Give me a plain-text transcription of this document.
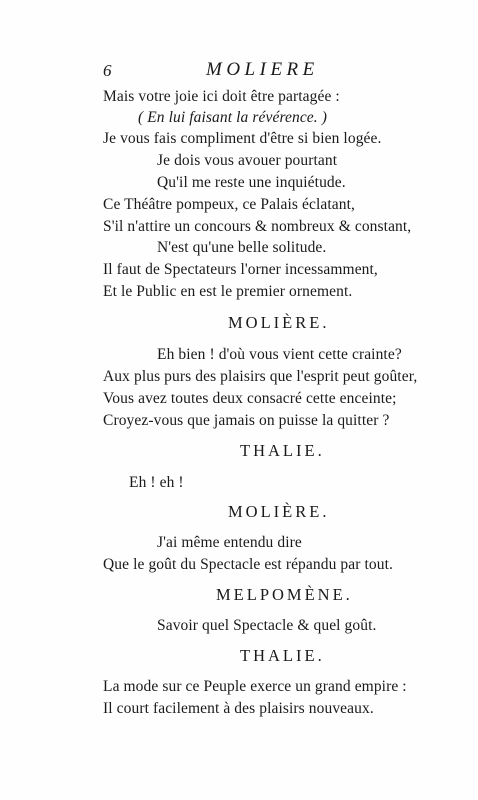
6	MOLIERE
Mais votre joie ici doit être partagée :
( En lui faisant la révérence. )
Je vous fais compliment d'être si bien logée.
Je dois vous avouer pourtant
Qu'il me reste une inquiétude.
Ce Théâtre pompeux, ce Palais éclatant,
S'il n'attire un concours & nombreux & constant,
N'est qu'une belle solitude.
Il faut de Spectateurs l'orner incessamment,
Et le Public en est le premier ornement.
MOLIÈRE.
Eh bien ! d'où vous vient cette crainte?
Aux plus purs des plaisirs que l'esprit peut goûter,
Vous avez toutes deux consacré cette enceinte;
Croyez-vous que jamais on puisse la quitter ?
THALIE.
Eh ! eh !
MOLIÈRE.
J'ai même entendu dire
Que le goût du Spectacle est répandu par tout.
MELPOMÈNE.
Savoir quel Spectacle & quel goût.
THALIE.
La mode sur ce Peuple exerce un grand empire :
Il court facilement à des plaisirs nouveaux.
